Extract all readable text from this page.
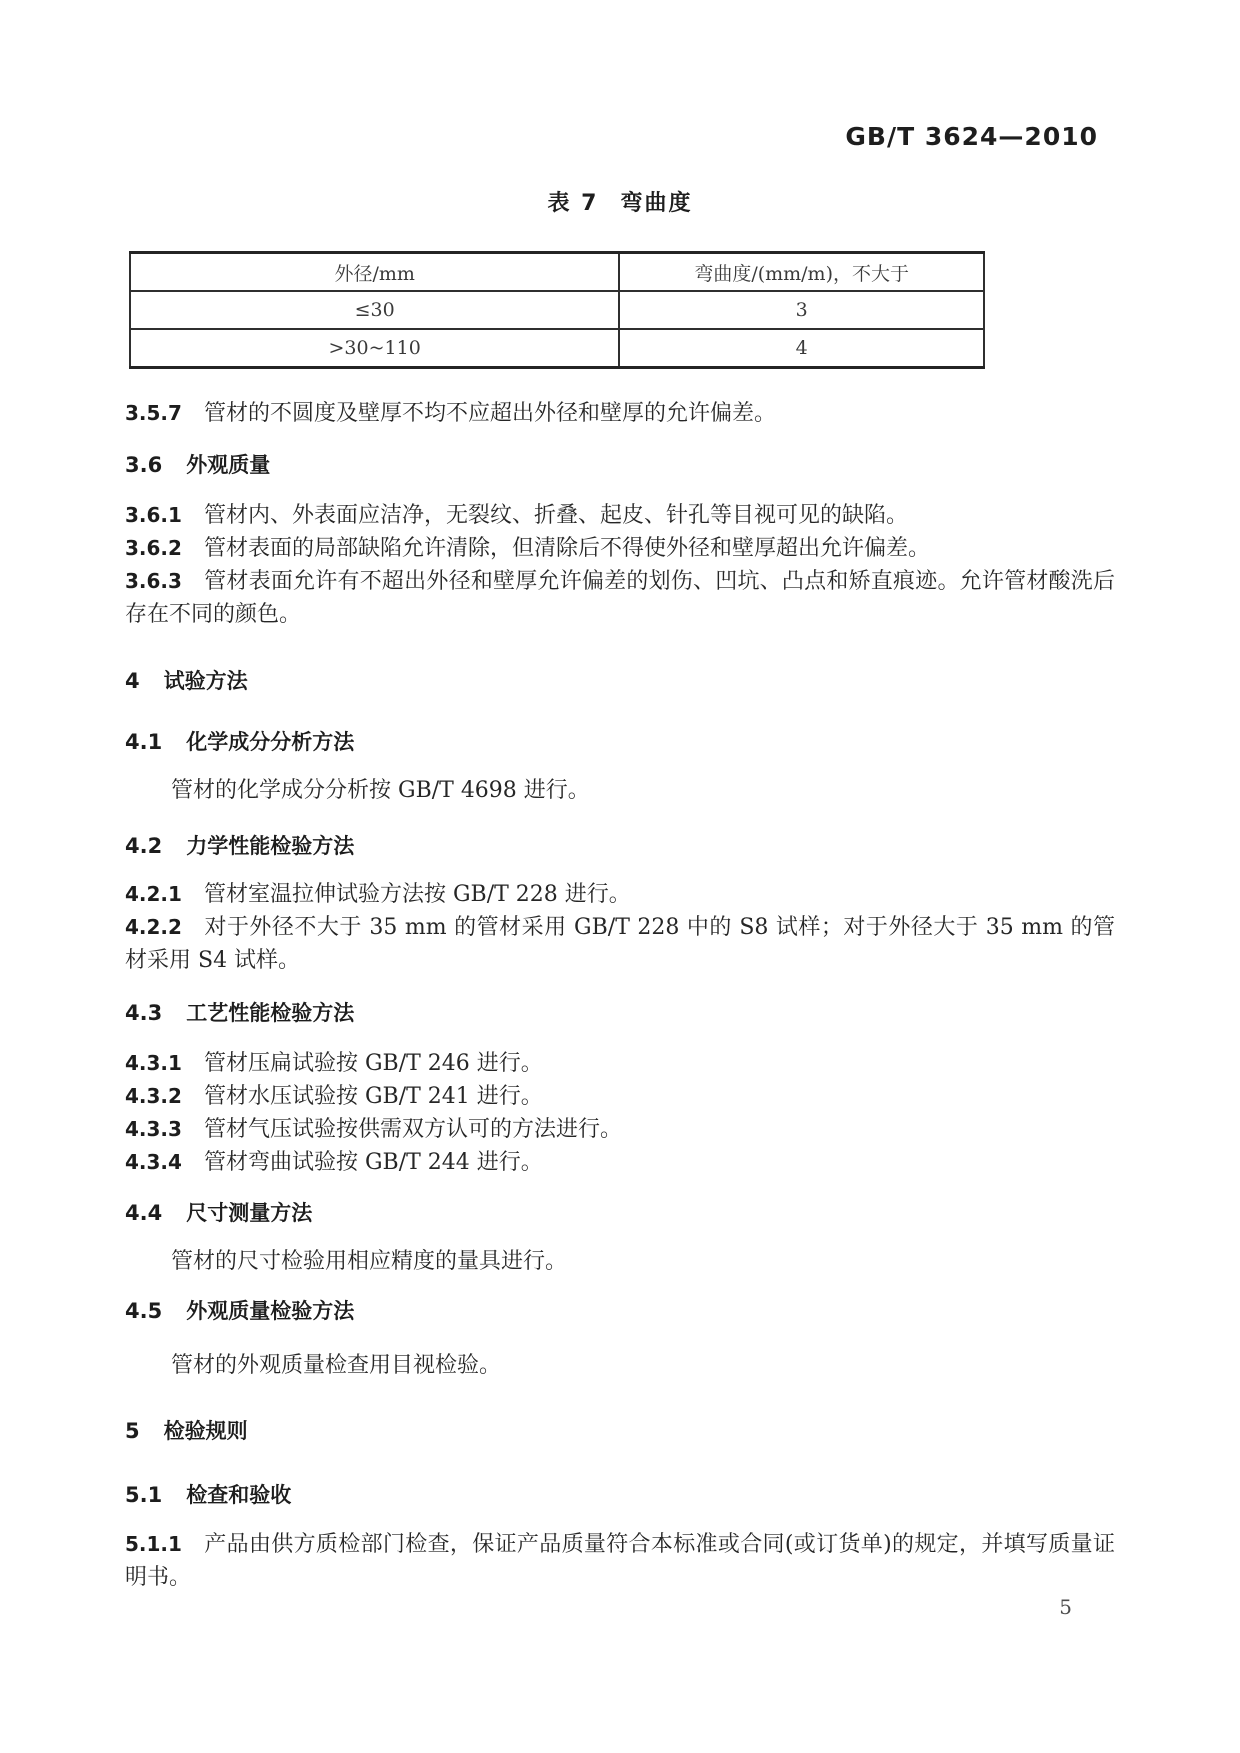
GB/T 3624—2010
表 7 弯曲度
外径/mm	弯曲度/(mm/m)，不大于
≤30	3
>30~110	4

3.5.7 管材的不圆度及壁厚不均不应超出外径和壁厚的允许偏差。

3.6 外观质量

3.6.1 管材内、外表面应洁净，无裂纹、折叠、起皮、针孔等目视可见的缺陷。

3.6.2 管材表面的局部缺陷允许清除，但清除后不得使外径和壁厚超出允许偏差。

3.6.3 管材表面允许有不超出外径和壁厚允许偏差的划伤、凹坑、凸点和矫直痕迹。允许管材酸洗后存在不同的颜色。

4 试验方法
4.1 化学成分分析方法

管材的化学成分分析按 GB/T 4698 进行。

4.2 力学性能检验方法

4.2.1 管材室温拉伸试验方法按 GB/T 228 进行。

4.2.2 对于外径不大于 35 mm 的管材采用 GB/T 228 中的 S8 试样；对于外径大于 35 mm 的管材采用 S4 试样。

4.3 工艺性能检验方法

4.3.1 管材压扁试验按 GB/T 246 进行。

4.3.2 管材水压试验按 GB/T 241 进行。

4.3.3 管材气压试验按供需双方认可的方法进行。

4.3.4 管材弯曲试验按 GB/T 244 进行。

4.4 尺寸测量方法

管材的尺寸检验用相应精度的量具进行。

4.5 外观质量检验方法

管材的外观质量检查用目视检验。

5 检验规则
5.1 检查和验收

5.1.1 产品由供方质检部门检查，保证产品质量符合本标准或合同(或订货单)的规定，并填写质量证明书。

5
